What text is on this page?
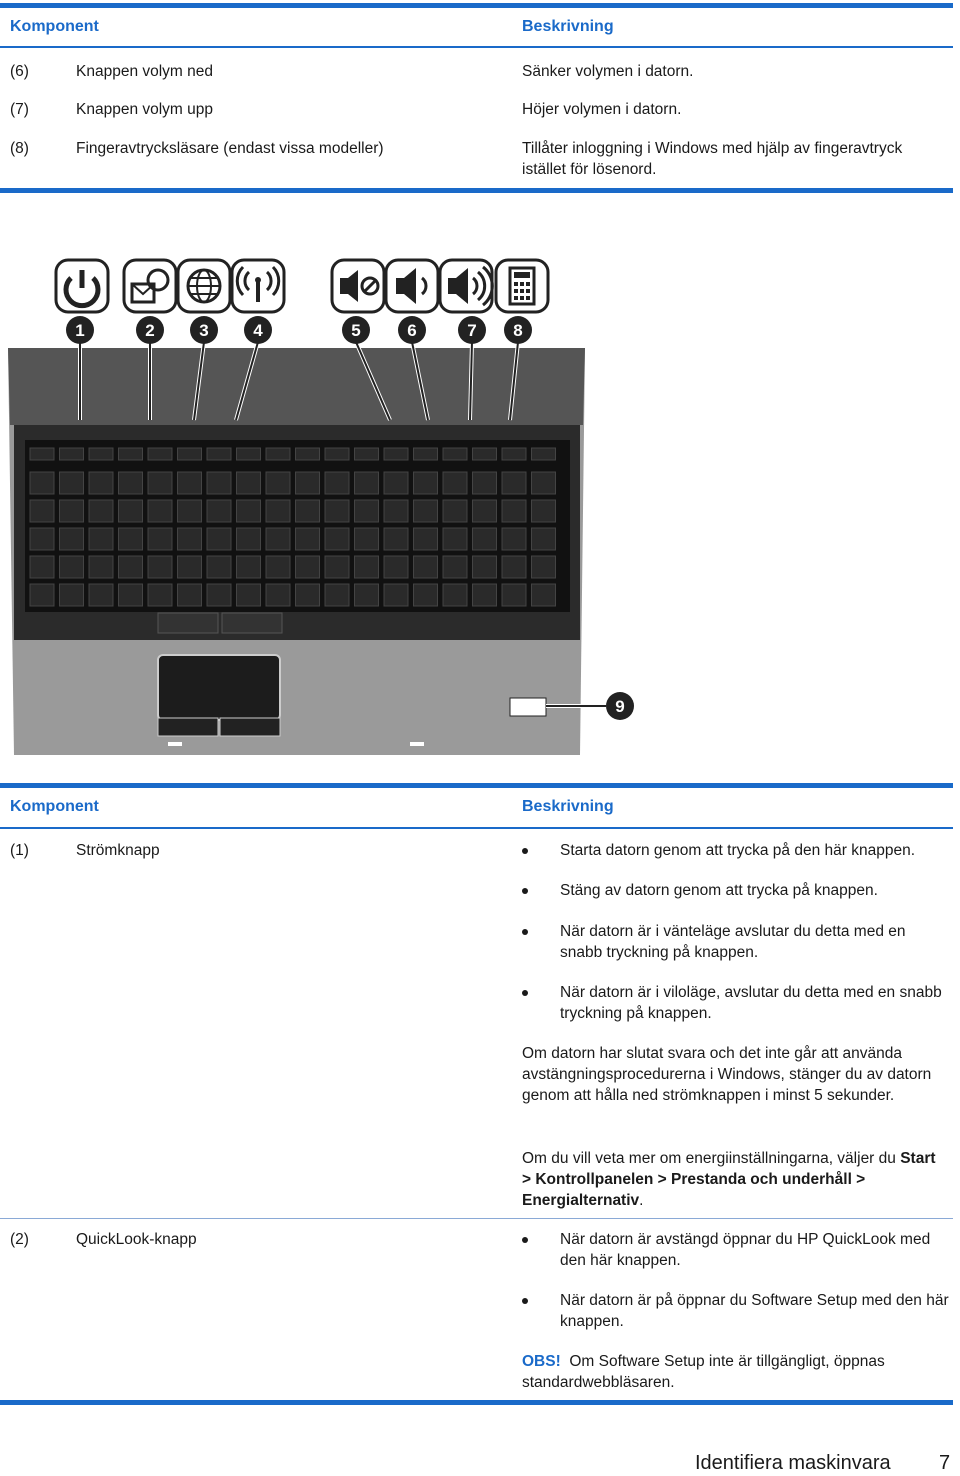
Komponent	Beskrivning
(6)	Knappen volym ned	Sänker volymen i datorn.
(7)	Knappen volym upp	Höjer volymen i datorn.
(8)	Fingeravtrycksläsare (endast vissa modeller)	Tillåter inloggning i Windows med hjälp av fingeravtryck istället för lösenord.
1	2	3	4	5	6	7 8
9
Komponent	Beskrivning
(1)	Strömknapp	Starta datorn genom att trycka på den här knappen.
Stäng av datorn genom att trycka på knappen.
När datorn är i vänteläge avslutar du detta med en snabb tryckning på knappen.
När datorn är i viloläge, avslutar du detta med en snabb tryckning på knappen.
Om datorn har slutat svara och det inte går att använda avstängningsprocedurerna i Windows, stänger du av datorn genom att hålla ned strömknappen i minst 5 sekunder.
Om du vill veta mer om energiinställningarna, väljer du Start > Kontrollpanelen > Prestanda och underhåll > Energialternativ.
(2)	QuickLook-knapp	När datorn är avstängd öppnar du HP QuickLook med den här knappen.
När datorn är på öppnar du Software Setup med den här knappen.
OBS! Om Software Setup inte är tillgängligt, öppnas standardwebbläsaren.
Identifiera maskinvara 7
